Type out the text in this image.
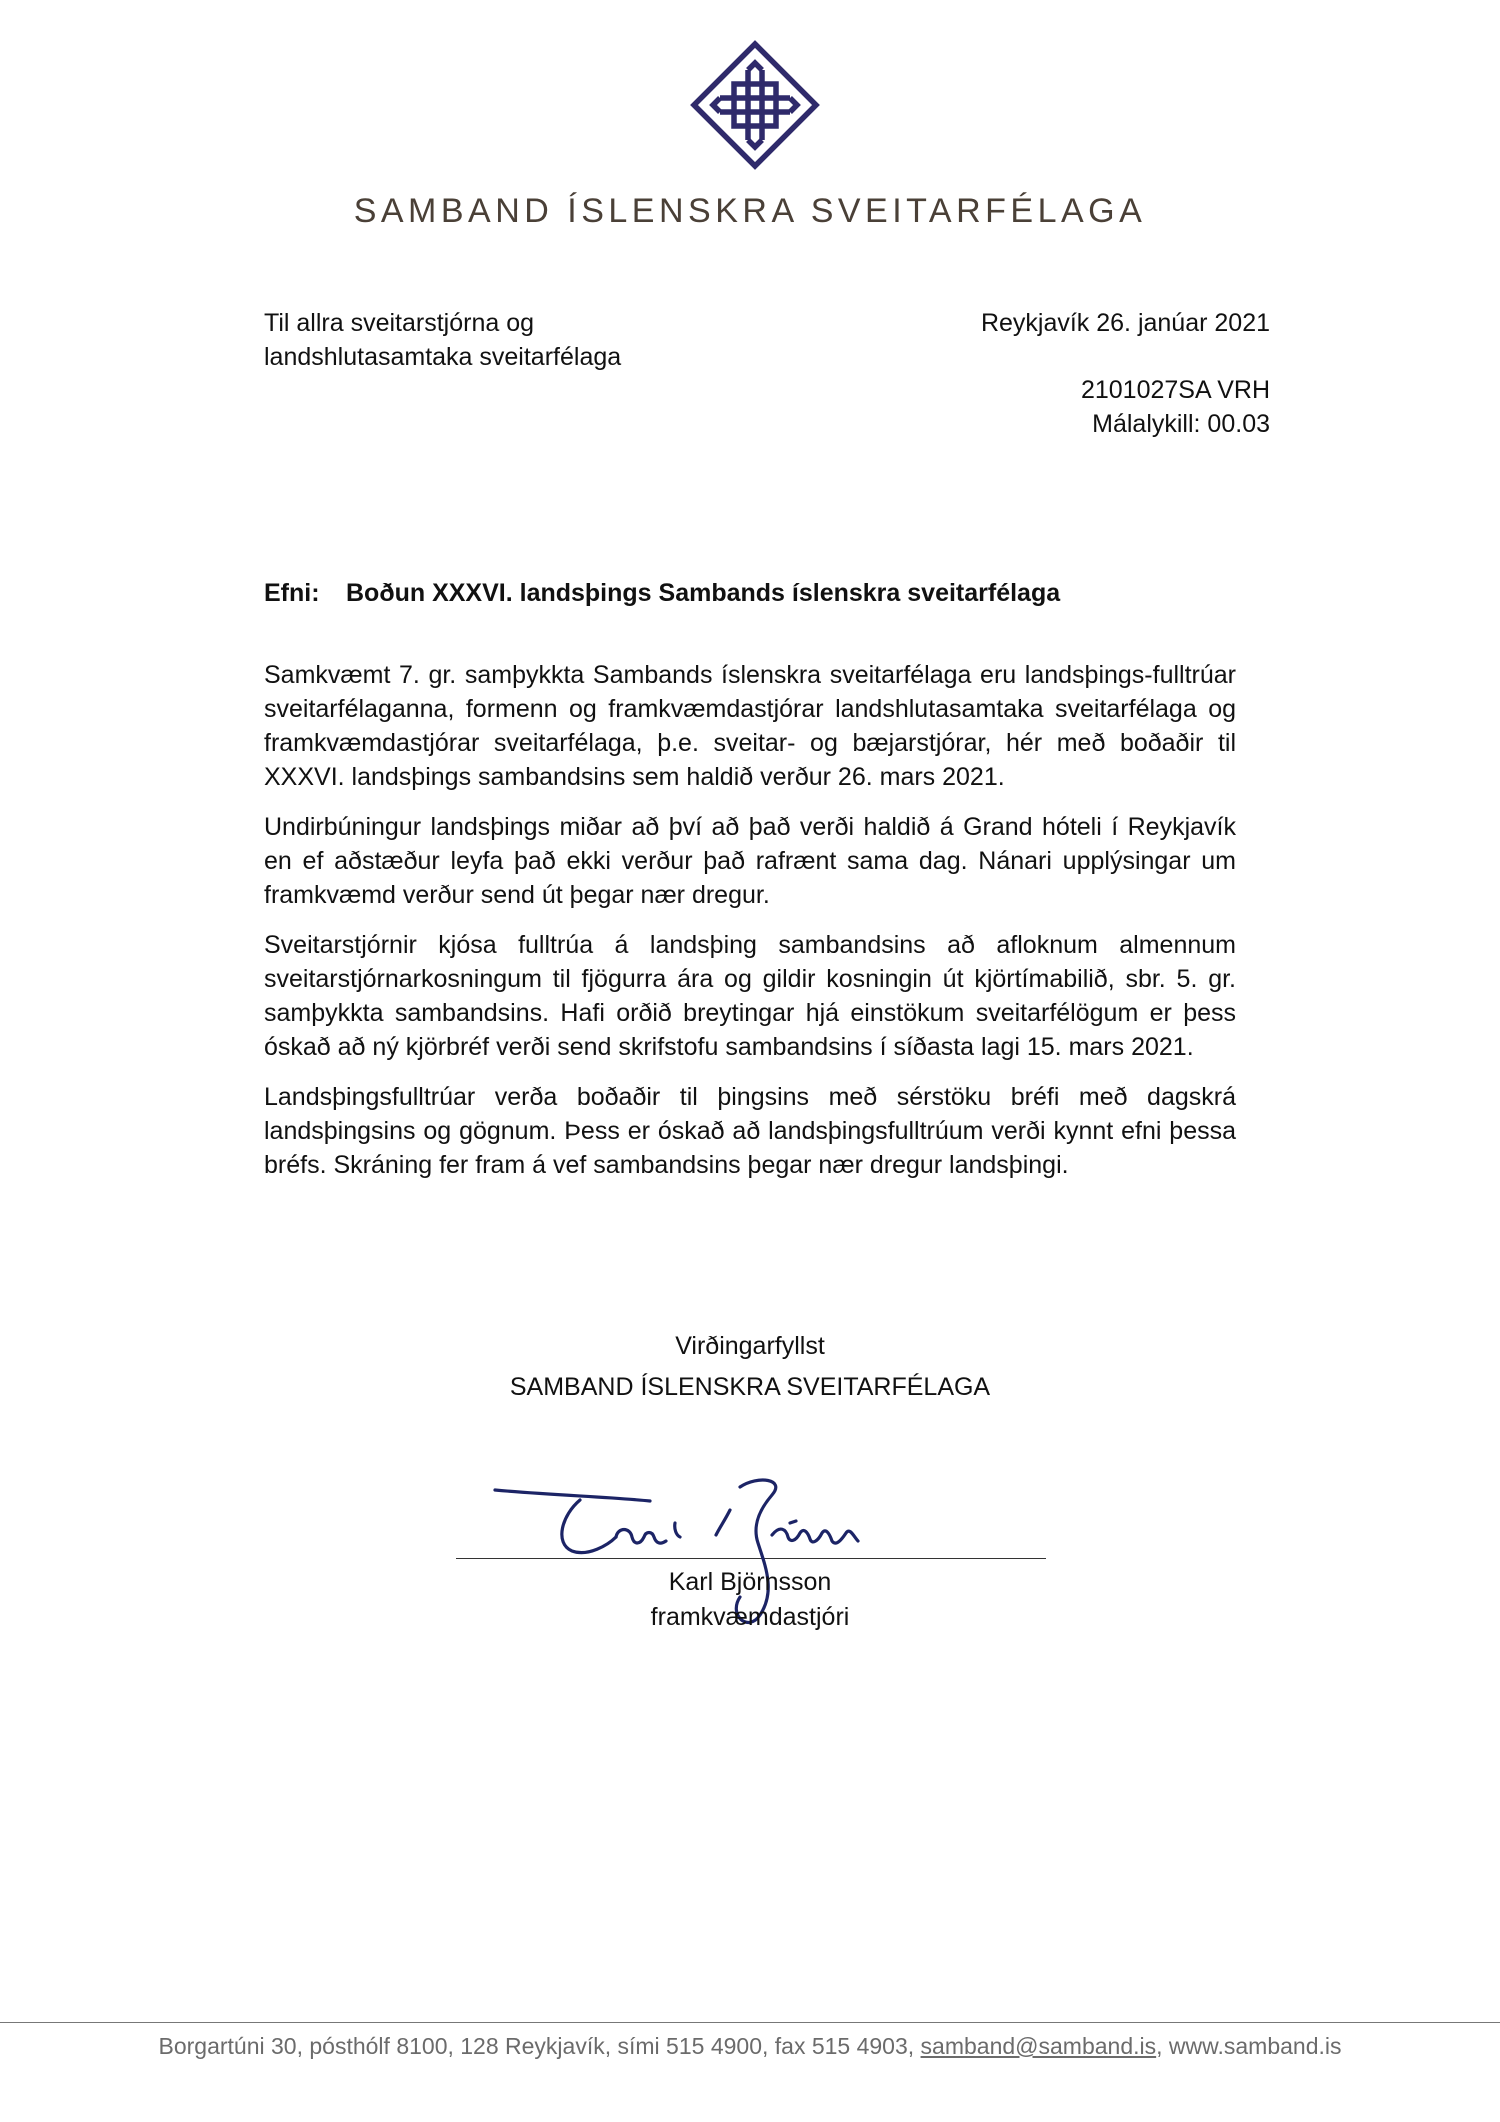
SAMBAND ÍSLENSKRA SVEITARFÉLAGA
Til allra sveitarstjórna og
landshlutasamtaka sveitarfélaga
Reykjavík 26. janúar 2021
2101027SA VRH
Málalykill: 00.03
Efni: Boðun XXXVI. landsþings Sambands íslenskra sveitarfélaga

Samkvæmt 7. gr. samþykkta Sambands íslenskra sveitarfélaga eru landsþings-fulltrúar sveitarfélaganna, formenn og framkvæmdastjórar landshlutasamtaka sveitarfélaga og framkvæmdastjórar sveitarfélaga, þ.e. sveitar- og bæjarstjórar, hér með boðaðir til XXXVI. landsþings sambandsins sem haldið verður 26. mars 2021.

Undirbúningur landsþings miðar að því að það verði haldið á Grand hóteli í Reykjavík en ef aðstæður leyfa það ekki verður það rafrænt sama dag. Nánari upplýsingar um framkvæmd verður send út þegar nær dregur.

Sveitarstjórnir kjósa fulltrúa á landsþing sambandsins að afloknum almennum sveitarstjórnarkosningum til fjögurra ára og gildir kosningin út kjörtímabilið, sbr. 5. gr. samþykkta sambandsins. Hafi orðið breytingar hjá einstökum sveitarfélögum er þess óskað að ný kjörbréf verði send skrifstofu sambandsins í síðasta lagi 15. mars 2021.

Landsþingsfulltrúar verða boðaðir til þingsins með sérstöku bréfi með dagskrá landsþingsins og gögnum. Þess er óskað að landsþingsfulltrúum verði kynnt efni þessa bréfs. Skráning fer fram á vef sambandsins þegar nær dregur landsþingi.

Virðingarfyllst
SAMBAND ÍSLENSKRA SVEITARFÉLAGA
Karl Björnsson
framkvæmdastjóri
Borgartúni 30, pósthólf 8100, 128 Reykjavík, sími 515 4900, fax 515 4903, samband@samband.is, www.samband.is
